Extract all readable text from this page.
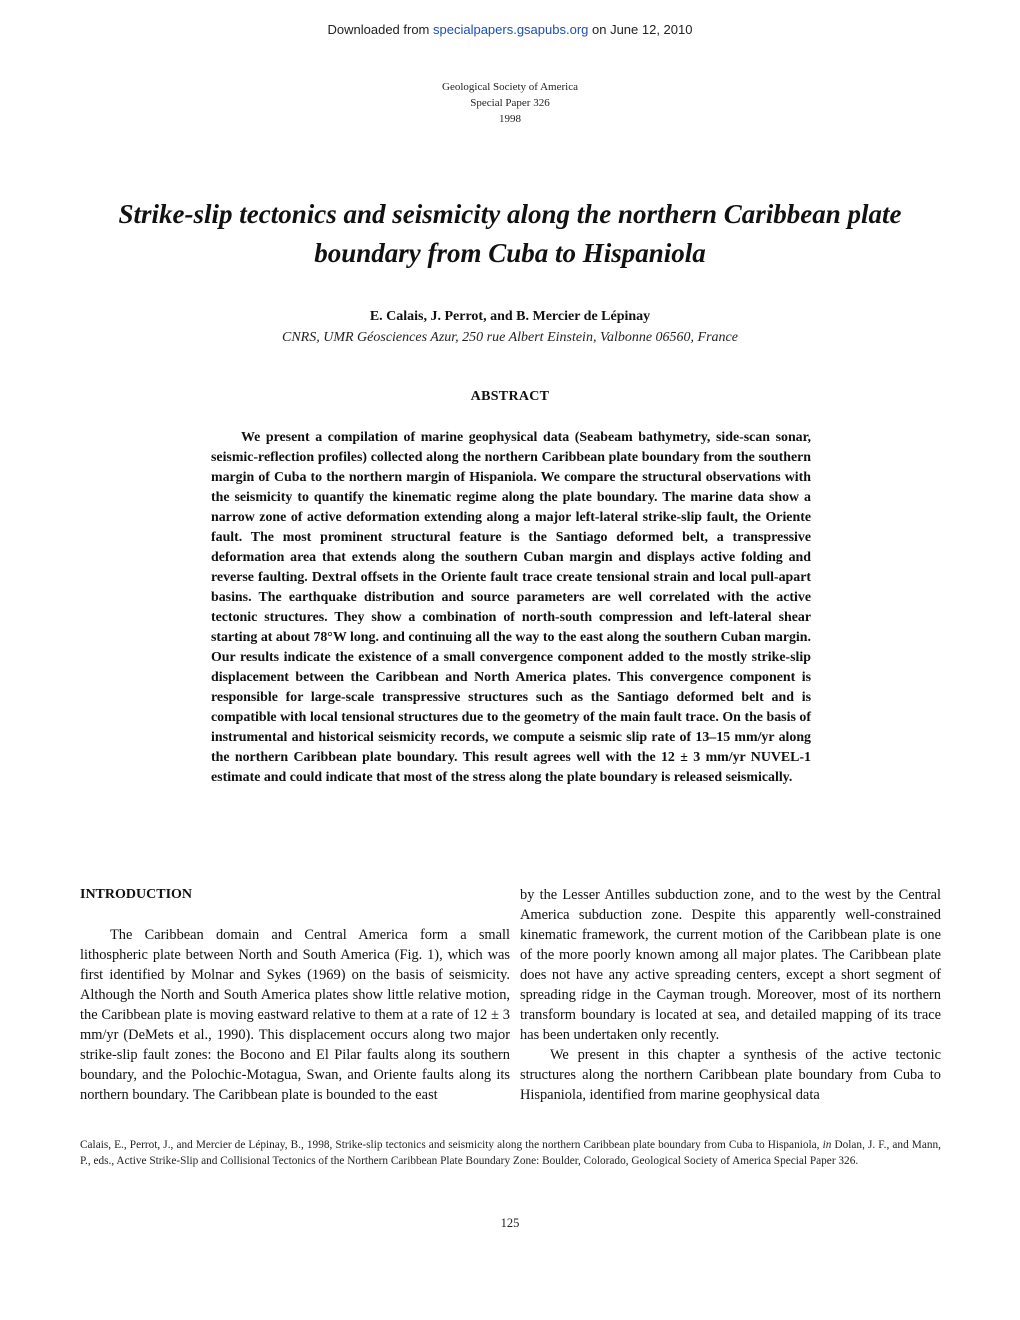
Downloaded from specialpapers.gsapubs.org on June 12, 2010
Geological Society of America
Special Paper 326
1998
Strike-slip tectonics and seismicity along the northern Caribbean plate boundary from Cuba to Hispaniola
E. Calais, J. Perrot, and B. Mercier de Lépinay
CNRS, UMR Géosciences Azur, 250 rue Albert Einstein, Valbonne 06560, France
ABSTRACT

We present a compilation of marine geophysical data (Seabeam bathymetry, side-scan sonar, seismic-reflection profiles) collected along the northern Caribbean plate boundary from the southern margin of Cuba to the northern margin of Hispaniola. We compare the structural observations with the seismicity to quantify the kinematic regime along the plate boundary. The marine data show a narrow zone of active deformation extending along a major left-lateral strike-slip fault, the Oriente fault. The most prominent structural feature is the Santiago deformed belt, a transpressive deformation area that extends along the southern Cuban margin and displays active folding and reverse faulting. Dextral offsets in the Oriente fault trace create tensional strain and local pull-apart basins. The earthquake distribution and source parameters are well correlated with the active tectonic structures. They show a combination of north-south compression and left-lateral shear starting at about 78°W long. and continuing all the way to the east along the southern Cuban margin. Our results indicate the existence of a small convergence component added to the mostly strike-slip displacement between the Caribbean and North America plates. This convergence component is responsible for large-scale transpressive structures such as the Santiago deformed belt and is compatible with local tensional structures due to the geometry of the main fault trace. On the basis of instrumental and historical seismicity records, we compute a seismic slip rate of 13–15 mm/yr along the northern Caribbean plate boundary. This result agrees well with the 12 ± 3 mm/yr NUVEL-1 estimate and could indicate that most of the stress along the plate boundary is released seismically.

INTRODUCTION

The Caribbean domain and Central America form a small lithospheric plate between North and South America (Fig. 1), which was first identified by Molnar and Sykes (1969) on the basis of seismicity. Although the North and South America plates show little relative motion, the Caribbean plate is moving eastward relative to them at a rate of 12 ± 3 mm/yr (DeMets et al., 1990). This displacement occurs along two major strike-slip fault zones: the Bocono and El Pilar faults along its southern boundary, and the Polochic-Motagua, Swan, and Oriente faults along its northern boundary. The Caribbean plate is bounded to the east

by the Lesser Antilles subduction zone, and to the west by the Central America subduction zone. Despite this apparently well-constrained kinematic framework, the current motion of the Caribbean plate is one of the more poorly known among all major plates. The Caribbean plate does not have any active spreading centers, except a short segment of spreading ridge in the Cayman trough. Moreover, most of its northern transform boundary is located at sea, and detailed mapping of its trace has been undertaken only recently.

We present in this chapter a synthesis of the active tectonic structures along the northern Caribbean plate boundary from Cuba to Hispaniola, identified from marine geophysical data

Calais, E., Perrot, J., and Mercier de Lépinay, B., 1998, Strike-slip tectonics and seismicity along the northern Caribbean plate boundary from Cuba to Hispaniola, in Dolan, J. F., and Mann, P., eds., Active Strike-Slip and Collisional Tectonics of the Northern Caribbean Plate Boundary Zone: Boulder, Colorado, Geological Society of America Special Paper 326.

125
